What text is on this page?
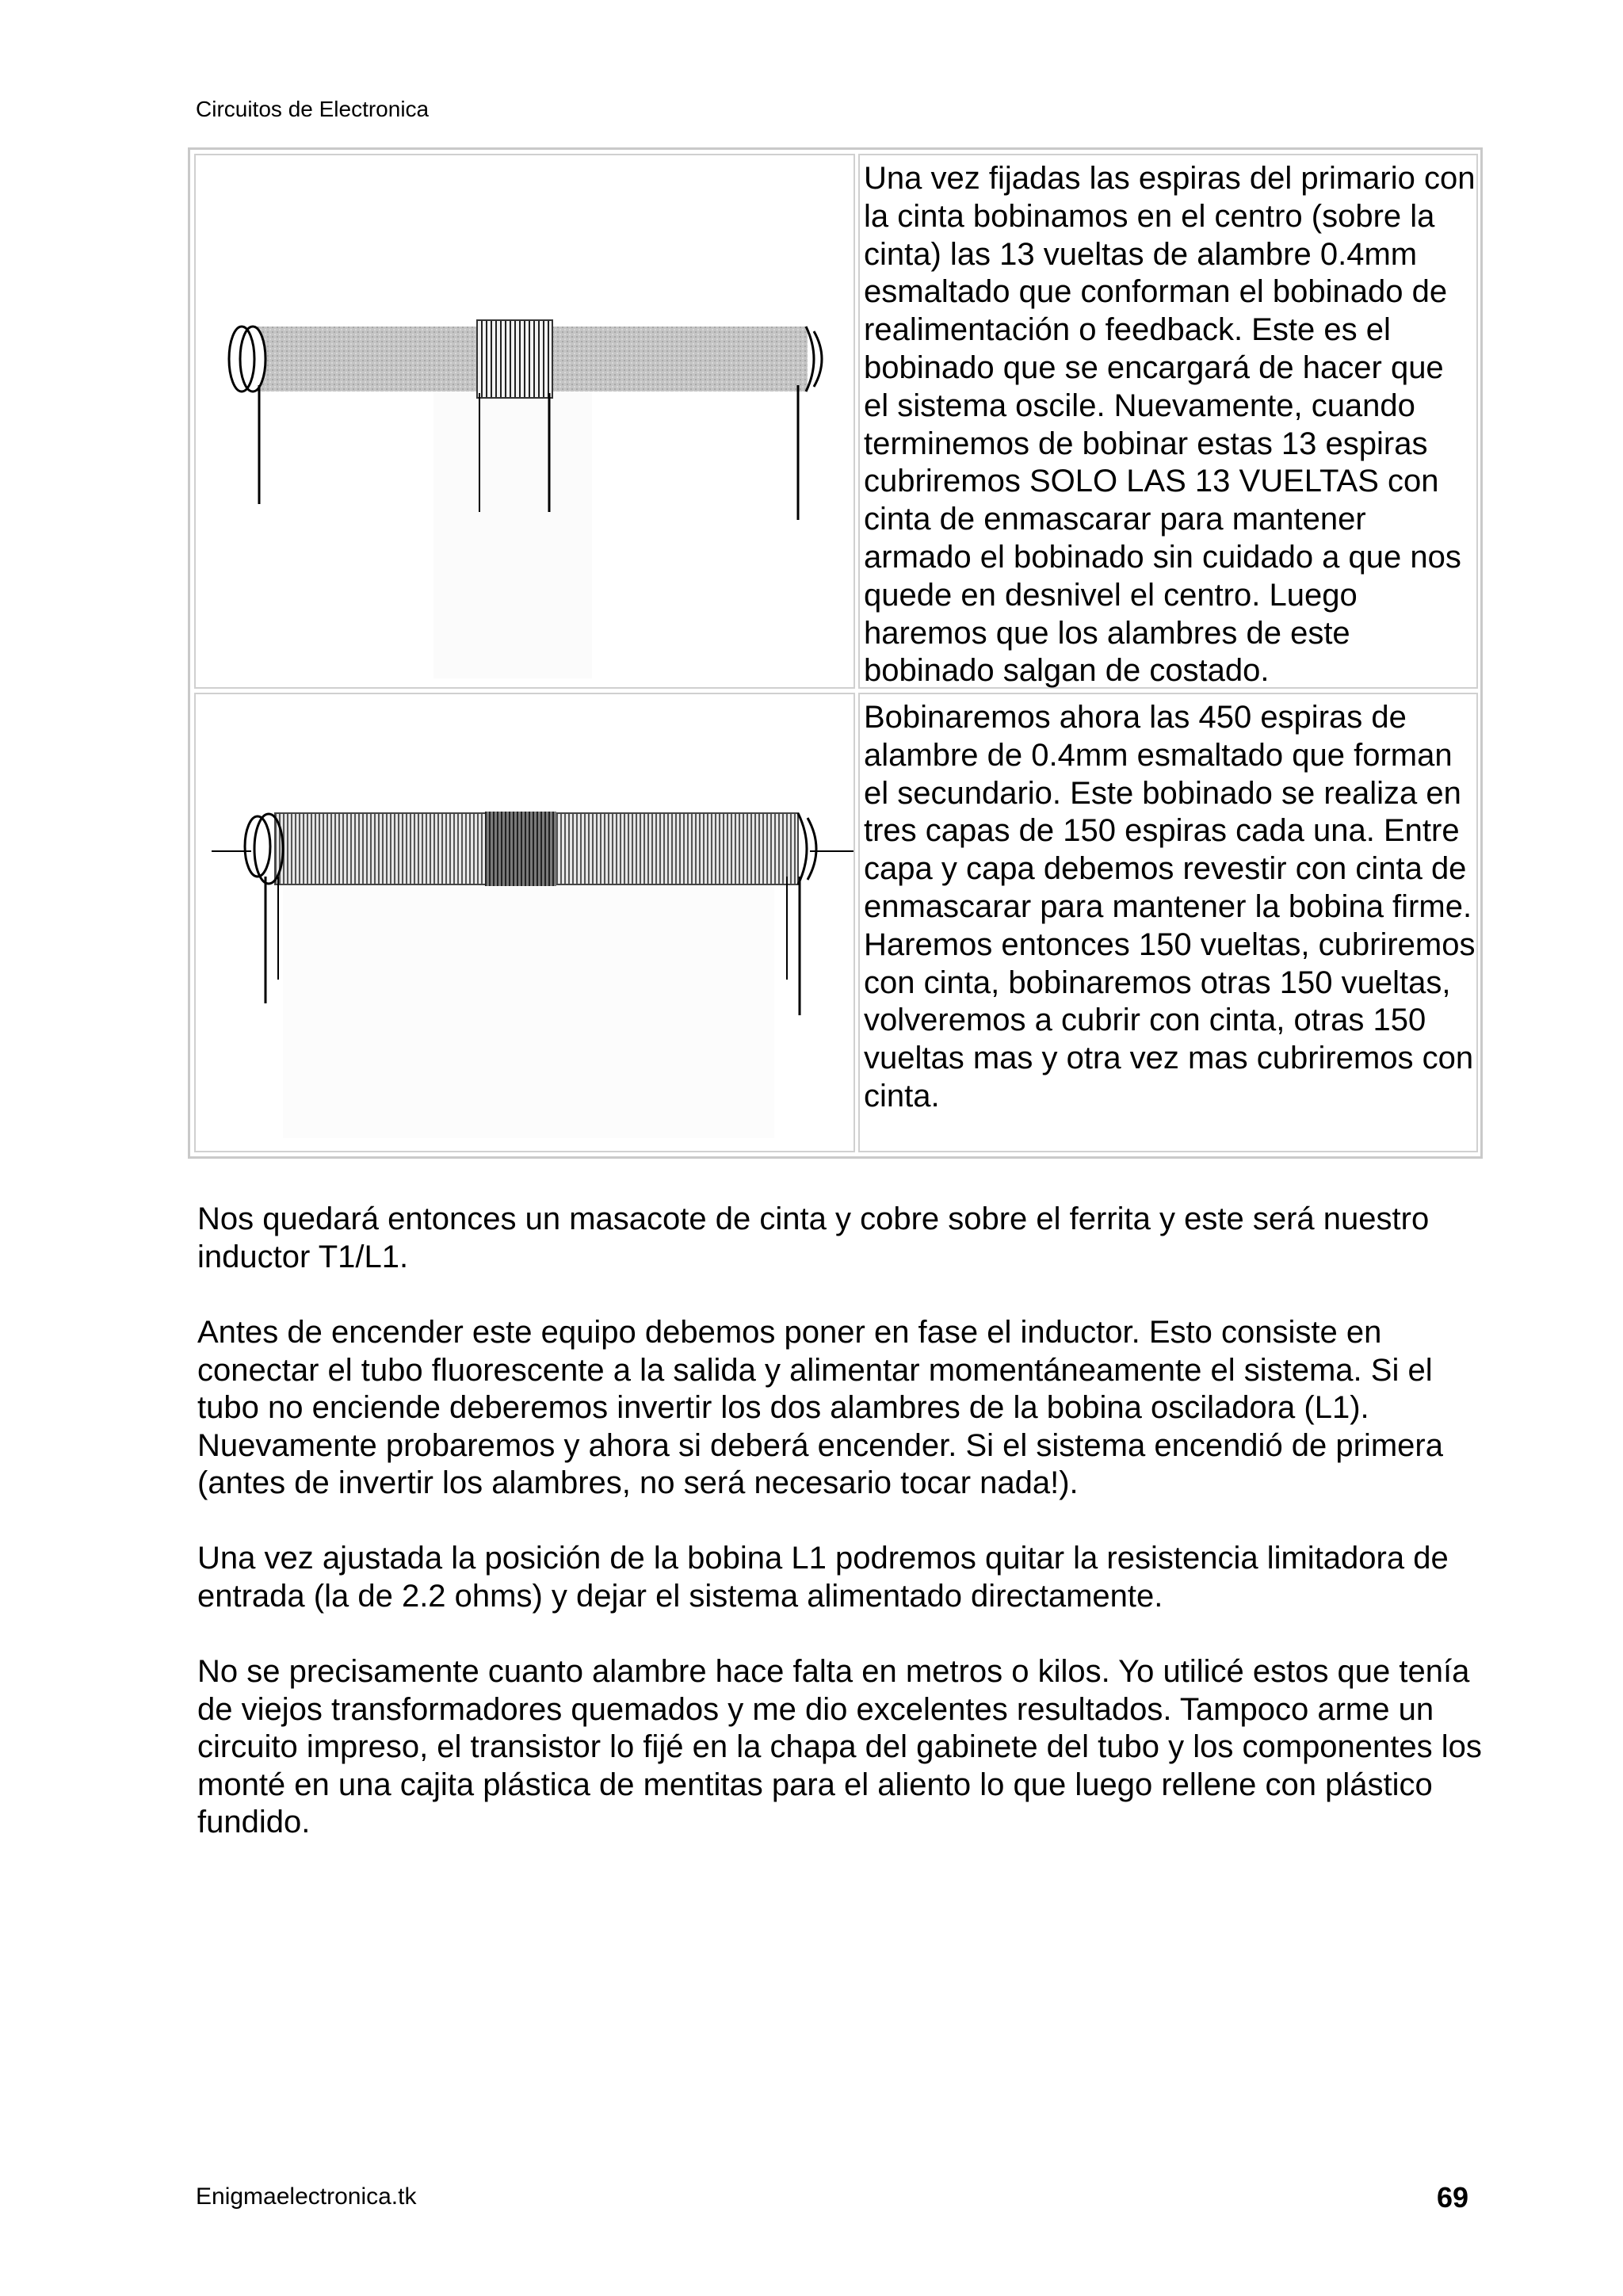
Circuitos de Electronica

Una vez fijadas las espiras del primario con la cinta bobinamos en el centro (sobre la cinta) las 13 vueltas de alambre 0.4mm esmaltado que conforman el bobinado de realimentación o feedback. Este es el bobinado que se encargará de hacer que el sistema oscile. Nuevamente, cuando terminemos de bobinar estas 13 espiras cubriremos SOLO LAS 13 VUELTAS con cinta de enmascarar para mantener armado el bobinado sin cuidado a que nos quede en desnivel el centro. Luego haremos que los alambres de este bobinado salgan de costado.

Bobinaremos ahora las 450 espiras de alambre de 0.4mm esmaltado que forman el secundario. Este bobinado se realiza en tres capas de 150 espiras cada una. Entre capa y capa debemos revestir con cinta de enmascarar para mantener la bobina firme. Haremos entonces 150 vueltas, cubriremos con cinta, bobinaremos otras 150 vueltas, volveremos a cubrir con cinta, otras 150 vueltas mas y otra vez mas cubriremos con cinta.

Nos quedará entonces un masacote de cinta y cobre sobre el ferrita y este será nuestro inductor T1/L1.

Antes de encender este equipo debemos poner en fase el inductor. Esto consiste en conectar el tubo fluorescente a la salida y alimentar momentáneamente el sistema. Si el tubo no enciende deberemos invertir los dos alambres de la bobina osciladora (L1). Nuevamente probaremos y ahora si deberá encender. Si el sistema encendió de primera (antes de invertir los alambres, no será necesario tocar nada!).

Una vez ajustada la posición de la bobina L1 podremos quitar la resistencia limitadora de entrada (la de 2.2 ohms) y dejar el sistema alimentado directamente.

No se precisamente cuanto alambre hace falta en metros o kilos. Yo utilicé estos que tenía de viejos transformadores quemados y me dio excelentes resultados. Tampoco arme un circuito impreso, el transistor lo fijé en la chapa del gabinete del tubo y los componentes los monté en una cajita plástica de mentitas para el aliento lo que luego rellene con plástico fundido.

Enigmaelectronica.tk	69
